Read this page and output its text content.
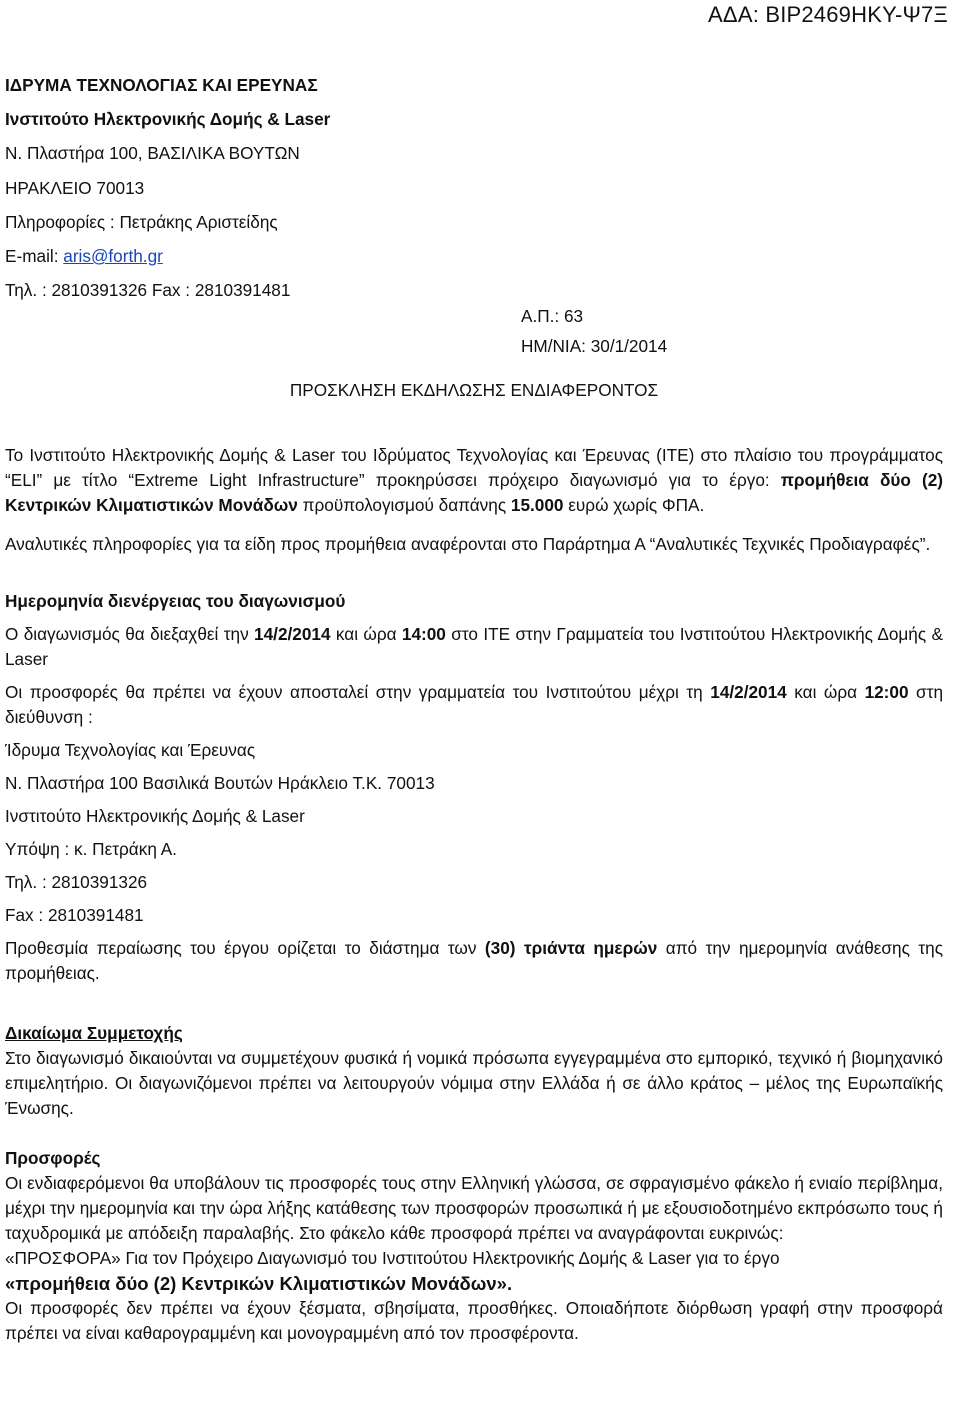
ΑΔΑ: ΒΙΡ2469ΗΚΥ-Ψ7Ξ
ΙΔΡΥΜΑ ΤΕΧΝΟΛΟΓΙΑΣ ΚΑΙ ΕΡΕΥΝΑΣ
Ινστιτούτο Ηλεκτρονικής Δομής & Laser
Ν. Πλαστήρα 100, ΒΑΣΙΛΙΚΑ ΒΟΥΤΩΝ
ΗΡΑΚΛΕΙΟ 70013
Πληροφορίες : Πετράκης Αριστείδης
E-mail: aris@forth.gr
Τηλ. : 2810391326 Fax : 2810391481
Α.Π.: 63
ΗΜ/ΝΙΑ: 30/1/2014
ΠΡΟΣΚΛΗΣΗ ΕΚΔΗΛΩΣΗΣ ΕΝΔΙΑΦΕΡΟΝΤΟΣ

Το Ινστιτούτο Ηλεκτρονικής Δομής & Laser του Ιδρύματος Τεχνολογίας και Έρευνας (ΙΤΕ) στο πλαίσιο του προγράμματος “ELI” με τίτλο “Extreme Light Infrastructure” προκηρύσσει πρόχειρο διαγωνισμό για το έργο: προμήθεια δύο (2) Κεντρικών Κλιματιστικών Μονάδων προϋπολογισμού δαπάνης 15.000 ευρώ χωρίς ΦΠΑ.

Αναλυτικές πληροφορίες για τα είδη προς προμήθεια αναφέρονται στο Παράρτημα Α “Αναλυτικές Τεχνικές Προδιαγραφές”.

Ημερομηνία διενέργειας του διαγωνισμού

Ο διαγωνισμός θα διεξαχθεί την 14/2/2014 και ώρα 14:00 στο ΙΤΕ στην Γραμματεία του Ινστιτούτου Ηλεκτρονικής Δομής & Laser

Οι προσφορές θα πρέπει να έχουν αποσταλεί στην γραμματεία του Ινστιτούτου μέχρι τη 14/2/2014 και ώρα 12:00 στη διεύθυνση :

Ίδρυμα Τεχνολογίας και Έρευνας

Ν. Πλαστήρα 100 Βασιλικά Βουτών Ηράκλειο Τ.Κ. 70013

Ινστιτούτο Ηλεκτρονικής Δομής & Laser

Υπόψη : κ. Πετράκη Α.

Τηλ. : 2810391326

Fax : 2810391481

Προθεσμία περαίωσης του έργου ορίζεται το διάστημα των (30) τριάντα ημερών από την ημερομηνία ανάθεσης της προμήθειας.

Δικαίωμα Συμμετοχής

Στο διαγωνισμό δικαιούνται να συμμετέχουν φυσικά ή νομικά πρόσωπα εγγεγραμμένα στο εμπορικό, τεχνικό ή βιομηχανικό επιμελητήριο. Οι διαγωνιζόμενοι πρέπει να λειτουργούν νόμιμα στην Ελλάδα ή σε άλλο κράτος – μέλος της Ευρωπαϊκής Ένωσης.

Προσφορές

Οι ενδιαφερόμενοι θα υποβάλουν τις προσφορές τους στην Ελληνική γλώσσα, σε σφραγισμένο φάκελο ή ενιαίο περίβλημα, μέχρι την ημερομηνία και την ώρα λήξης κατάθεσης των προσφορών προσωπικά ή με εξουσιοδοτημένο εκπρόσωπο τους ή ταχυδρομικά με απόδειξη παραλαβής. Στο φάκελο κάθε προσφορά πρέπει να αναγράφονται ευκρινώς:

«ΠΡΟΣΦΟΡΑ» Για τον Πρόχειρο Διαγωνισμό του Ινστιτούτου Ηλεκτρονικής Δομής & Laser για το έργο

«προμήθεια δύο (2) Κεντρικών Κλιματιστικών Μονάδων».

Οι προσφορές δεν πρέπει να έχουν ξέσματα, σβησίματα, προσθήκες. Οποιαδήποτε διόρθωση γραφή στην προσφορά πρέπει να είναι καθαρογραμμένη και μονογραμμένη από τον προσφέροντα.
